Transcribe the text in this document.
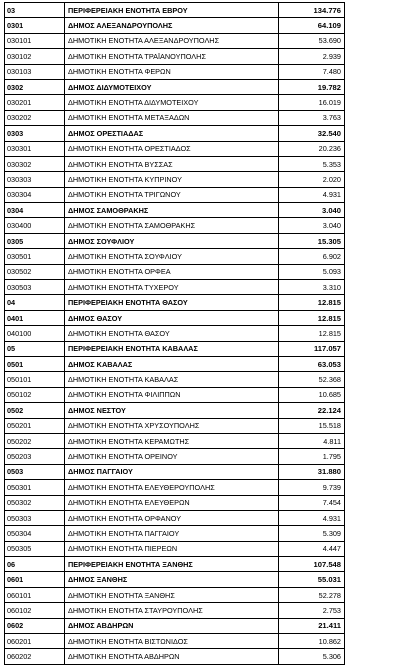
03	ΠΕΡΙΦΕΡΕΙΑΚΗ ΕΝΟΤΗΤΑ ΕΒΡΟΥ	134.776
0301	ΔΗΜΟΣ ΑΛΕΞΑΝΔΡΟΥΠΟΛΗΣ	64.109
030101	ΔΗΜΟΤΙΚΗ ΕΝΟΤΗΤΑ ΑΛΕΞΑΝΔΡΟΥΠΟΛΗΣ	53.690
030102	ΔΗΜΟΤΙΚΗ ΕΝΟΤΗΤΑ ΤΡΑΪΑΝΟΥΠΟΛΗΣ	2.939
030103	ΔΗΜΟΤΙΚΗ ΕΝΟΤΗΤΑ ΦΕΡΩΝ	7.480
0302	ΔΗΜΟΣ ΔΙΔΥΜΟΤΕΙΧΟΥ	19.782
030201	ΔΗΜΟΤΙΚΗ ΕΝΟΤΗΤΑ ΔΙΔΥΜΟΤΕΙΧΟΥ	16.019
030202	ΔΗΜΟΤΙΚΗ ΕΝΟΤΗΤΑ ΜΕΤΑΞΑΔΩΝ	3.763
0303	ΔΗΜΟΣ ΟΡΕΣΤΙΑΔΑΣ	32.540
030301	ΔΗΜΟΤΙΚΗ ΕΝΟΤΗΤΑ ΟΡΕΣΤΙΑΔΟΣ	20.236
030302	ΔΗΜΟΤΙΚΗ ΕΝΟΤΗΤΑ ΒΥΣΣΑΣ	5.353
030303	ΔΗΜΟΤΙΚΗ ΕΝΟΤΗΤΑ ΚΥΠΡΙΝΟΥ	2.020
030304	ΔΗΜΟΤΙΚΗ ΕΝΟΤΗΤΑ ΤΡΙΓΩΝΟΥ	4.931
0304	ΔΗΜΟΣ ΣΑΜΟΘΡΑΚΗΣ	3.040
030400	ΔΗΜΟΤΙΚΗ ΕΝΟΤΗΤΑ ΣΑΜΟΘΡΑΚΗΣ	3.040
0305	ΔΗΜΟΣ ΣΟΥΦΛΙΟΥ	15.305
030501	ΔΗΜΟΤΙΚΗ ΕΝΟΤΗΤΑ ΣΟΥΦΛΙΟΥ	6.902
030502	ΔΗΜΟΤΙΚΗ ΕΝΟΤΗΤΑ ΟΡΦΕΑ	5.093
030503	ΔΗΜΟΤΙΚΗ ΕΝΟΤΗΤΑ ΤΥΧΕΡΟΥ	3.310
04	ΠΕΡΙΦΕΡΕΙΑΚΗ ΕΝΟΤΗΤΑ ΘΑΣΟΥ	12.815
0401	ΔΗΜΟΣ ΘΑΣΟΥ	12.815
040100	ΔΗΜΟΤΙΚΗ ΕΝΟΤΗΤΑ ΘΑΣΟΥ	12.815
05	ΠΕΡΙΦΕΡΕΙΑΚΗ ΕΝΟΤΗΤΑ ΚΑΒΑΛΑΣ	117.057
0501	ΔΗΜΟΣ ΚΑΒΑΛΑΣ	63.053
050101	ΔΗΜΟΤΙΚΗ ΕΝΟΤΗΤΑ ΚΑΒΑΛΑΣ	52.368
050102	ΔΗΜΟΤΙΚΗ ΕΝΟΤΗΤΑ ΦΙΛΙΠΠΩΝ	10.685
0502	ΔΗΜΟΣ ΝΕΣΤΟΥ	22.124
050201	ΔΗΜΟΤΙΚΗ ΕΝΟΤΗΤΑ ΧΡΥΣΟΥΠΟΛΗΣ	15.518
050202	ΔΗΜΟΤΙΚΗ ΕΝΟΤΗΤΑ ΚΕΡΑΜΩΤΗΣ	4.811
050203	ΔΗΜΟΤΙΚΗ ΕΝΟΤΗΤΑ ΟΡΕΙΝΟΥ	1.795
0503	ΔΗΜΟΣ ΠΑΓΓΑΙΟΥ	31.880
050301	ΔΗΜΟΤΙΚΗ ΕΝΟΤΗΤΑ ΕΛΕΥΘΕΡΟΥΠΟΛΗΣ	9.739
050302	ΔΗΜΟΤΙΚΗ ΕΝΟΤΗΤΑ ΕΛΕΥΘΕΡΩΝ	7.454
050303	ΔΗΜΟΤΙΚΗ ΕΝΟΤΗΤΑ ΟΡΦΑΝΟΥ	4.931
050304	ΔΗΜΟΤΙΚΗ ΕΝΟΤΗΤΑ ΠΑΓΓΑΙΟΥ	5.309
050305	ΔΗΜΟΤΙΚΗ ΕΝΟΤΗΤΑ ΠΙΕΡΕΩΝ	4.447
06	ΠΕΡΙΦΕΡΕΙΑΚΗ ΕΝΟΤΗΤΑ ΞΑΝΘΗΣ	107.548
0601	ΔΗΜΟΣ ΞΑΝΘΗΣ	55.031
060101	ΔΗΜΟΤΙΚΗ ΕΝΟΤΗΤΑ ΞΑΝΘΗΣ	52.278
060102	ΔΗΜΟΤΙΚΗ ΕΝΟΤΗΤΑ ΣΤΑΥΡΟΥΠΟΛΗΣ	2.753
0602	ΔΗΜΟΣ ΑΒΔΗΡΩΝ	21.411
060201	ΔΗΜΟΤΙΚΗ ΕΝΟΤΗΤΑ ΒΙΣΤΩΝΙΔΟΣ	10.862
060202	ΔΗΜΟΤΙΚΗ ΕΝΟΤΗΤΑ ΑΒΔΗΡΩΝ	5.306
